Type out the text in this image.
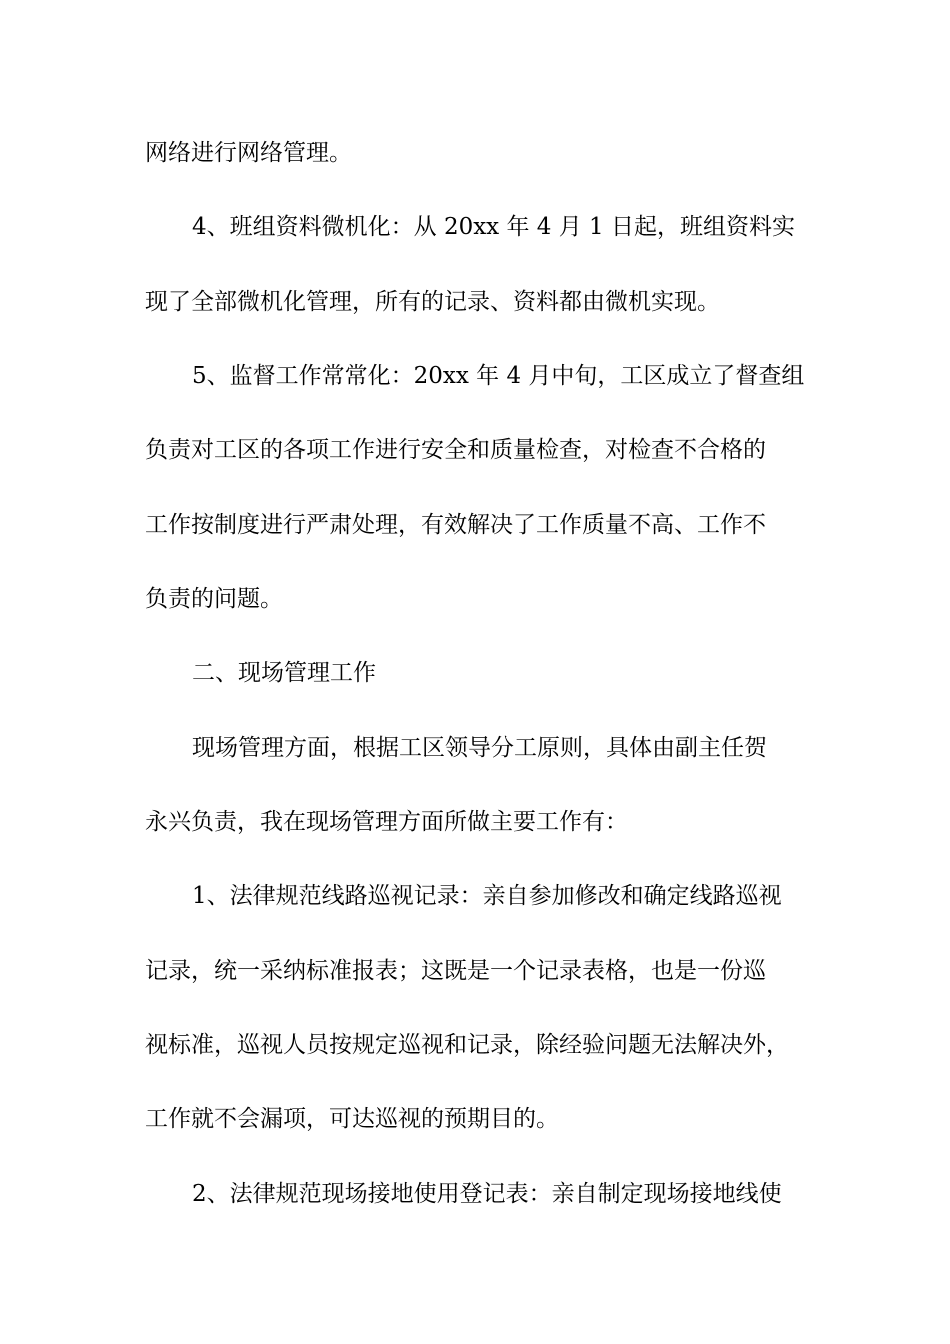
网络进行网络管理。
4、班组资料微机化：从 20xx 年 4 月 1 日起，班组资料实
现了全部微机化管理，所有的记录、资料都由微机实现。
5、监督工作常常化：20xx 年 4 月中旬，工区成立了督查组
负责对工区的各项工作进行安全和质量检查，对检查不合格的
工作按制度进行严肃处理，有效解决了工作质量不高、工作不
负责的问题。
二、现场管理工作
现场管理方面，根据工区领导分工原则，具体由副主任贺
永兴负责，我在现场管理方面所做主要工作有：
1、法律规范线路巡视记录：亲自参加修改和确定线路巡视
记录，统一采纳标准报表；这既是一个记录表格，也是一份巡
视标准，巡视人员按规定巡视和记录，除经验问题无法解决外，
工作就不会漏项，可达巡视的预期目的。
2、法律规范现场接地使用登记表：亲自制定现场接地线使
